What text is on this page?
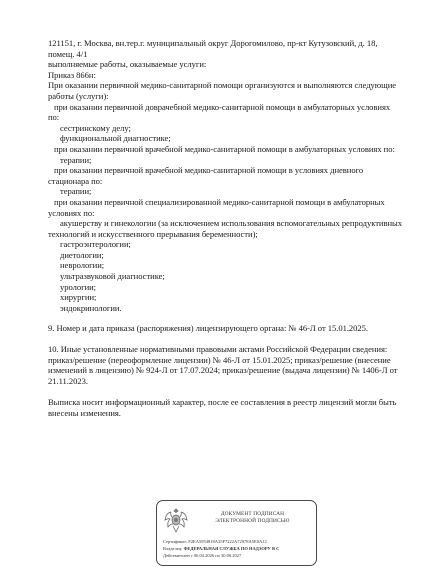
121151, г. Москва, вн.тер.г. муниципальный округ Дорогомилово, пр-кт Кутузовский, д. 18,
помещ. 4/1
выполняемые работы, оказываемые услуги:
Приказ 866н:
При оказании первичной медико-санитарной помощи организуются и выполняются следующие
работы (услуги):
при оказании первичной доврачебной медико-санитарной помощи в амбулаторных условиях
по:
сестринскому делу;
функциональной диагностике;
при оказании первичной врачебной медико-санитарной помощи в амбулаторных условиях по:
терапии;
при оказании первичной врачебной медико-санитарной помощи в условиях дневного
стационара по:
терапии;
при оказании первичной специализированной медико-санитарной помощи в амбулаторных
условиях по:
акушерству и гинекологии (за исключением использования вспомогательных репродуктивных
технологий и искусственного прерывания беременности);
гастроэнтерологии;
диетологии;
неврологии;
ультразвуковой диагностике;
урологии;
хирургии;
эндокринологии.
9. Номер и дата приказа (распоряжения) лицензирующего органа: № 46-Л от 15.01.2025.
10. Иные установленные нормативными правовыми актами Российской Федерации сведения:
приказ/решение (переоформление лицензии) № 46-Л от 15.01.2025; приказ/решение (внесение
изменений в лицензию) № 924-Л от 17.07.2024; приказ/решение (выдача лицензии) № 1406-Л от
21.11.2023.
Выписка носит информационный характер, после ее составления в реестр лицензий могли быть
внесены изменения.
ДОКУМЕНТ ПОДПИСАН
ЭЛЕКТРОННОЙ ПОДПИСЬЮ
Сертификат: F2EA5954818A35F7222A72978A5E0A12
Владелец: ФЕДЕРАЛЬНАЯ СЛУЖБА ПО НАДЗОРУ В С
Действителен с 06.04.2026 по 30.06.2027
